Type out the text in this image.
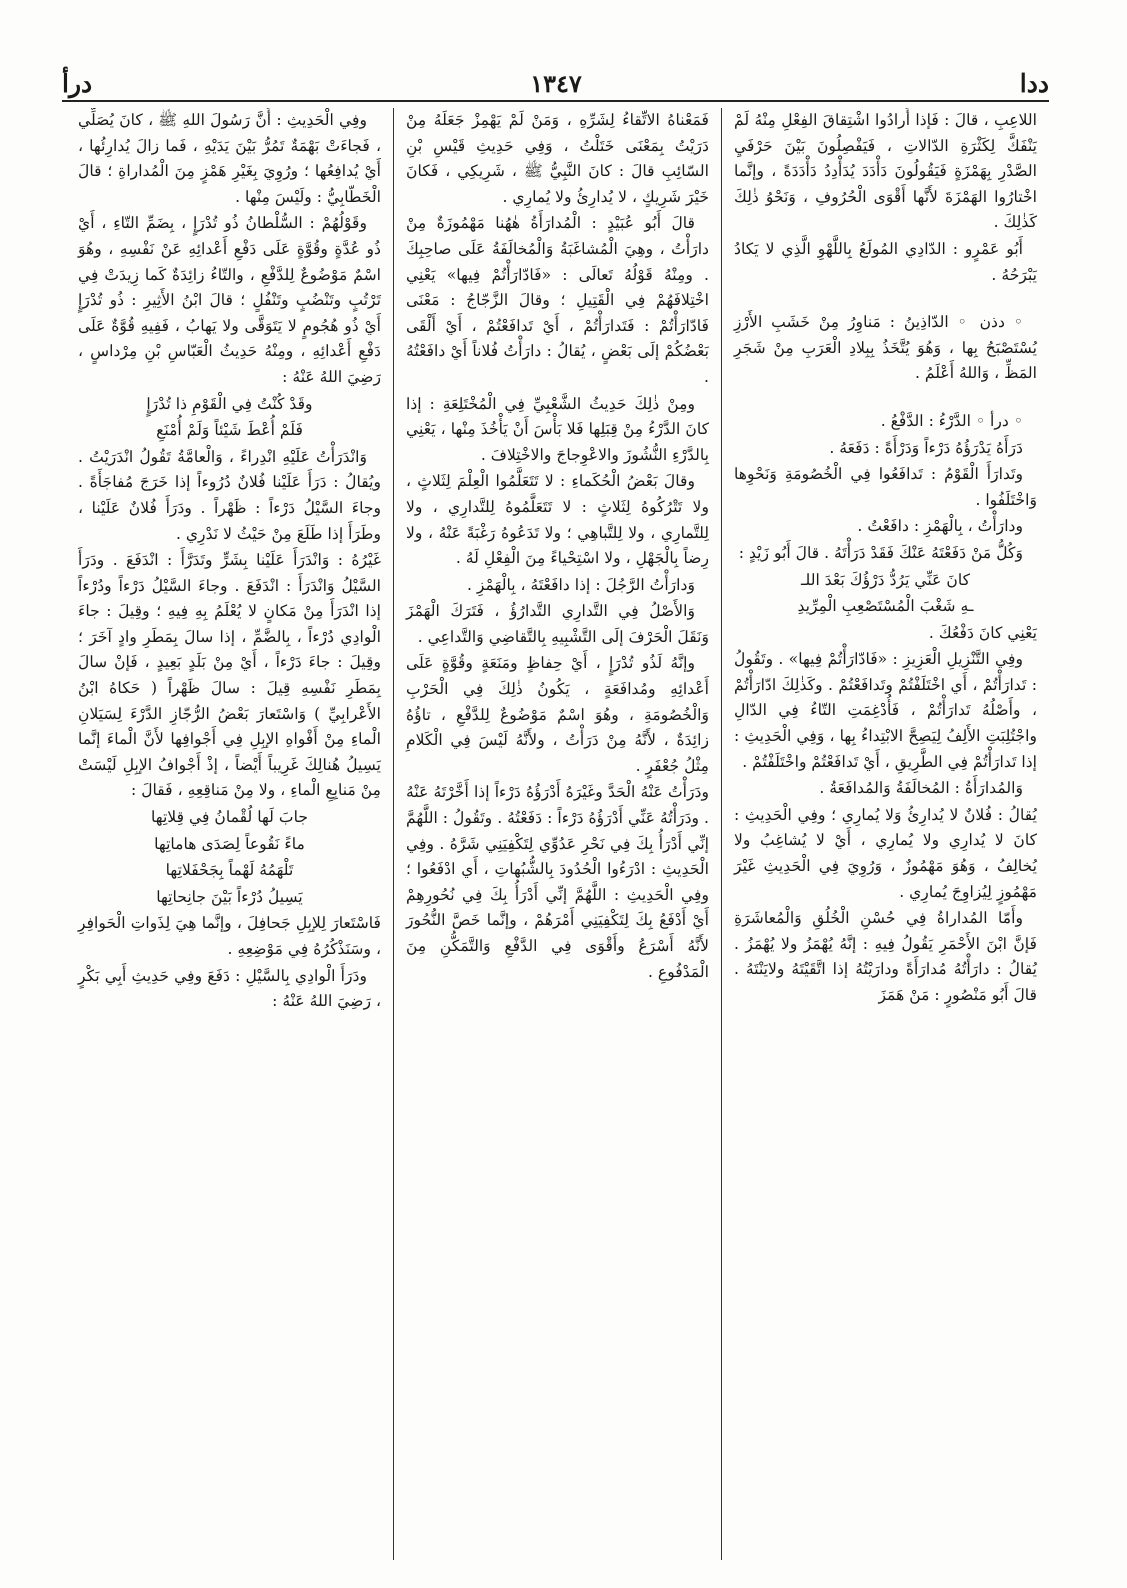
ددا
١٣٤٧
درأ

اللاعِبِ ، قالَ : فَإذا أَرادُوا اشْتِقاقَ الفِعْلِ مِنْهُ لَمْ يَنْفَكَّ لِكَثْرَةِ الدّالاتِ ، فَيَفْصِلُونَ بَيْنَ حَرْفَيِ الصَّدْرِ بِهَمْزَةٍ فَيَقُولُونَ دَأْدَدَ يُدَأْدِدُ دَأْدَدَةً ، وإنَّما اخْتارُوا الهَمْزَةَ لأَنَّها أَقْوَى الْحُرُوفِ ، وَنَحْوُ ذٰلِكَ كَذٰلِكَ .

أَبُو عَمْرٍو : الدّادِي المُولَعُ بِاللَّهْوِ الَّذِي لا يَكادُ يَبْرَحُهُ .

◦ دذن ◦ الدّاذِينُ : مَناوِرُ مِنْ خَشَبِ الأَرْزِ يُسْتَصْبَحُ بِها ، وَهُوَ يُتَّخَذُ بِبِلادِ الْعَرَبِ مِنْ شَجَرِ المَظِّ ، وَاللهُ أَعْلَمُ .

◦ درأ ◦ الدَّرْءُ : الدَّفْعُ .

دَرَأَهُ يَدْرَؤُهُ دَرْءاً وَدَرْأَةً : دَفَعَهُ .

وتَدارَأَ الْقَوْمُ : تَدافَعُوا فِي الْخُصُومَةِ وَنَحْوِها وَاخْتَلَفُوا .

ودارَأْتُ ، بِالْهَمْزِ : دافَعْتُ .

وَكُلُّ مَنْ دَفَعْتَهُ عَنْكَ فَقَدْ دَرَأْتَهُ . قالَ أَبُو زَيْدٍ :

كانَ عَنِّي يَرُدُّ دَرْؤُكَ بَعْدَ اللـ

ـهِ شَغْبَ الْمُسْتَصْعِبِ الْمِرِّيدِ

يَعْنِي كانَ دَفْعُكَ .

وفِي التَّنْزِيلِ الْعَزِيزِ : «فَادّارَأْتُمْ فِيها» . وتَقُولُ : تَدارَأْتُمْ ، أَي اخْتَلَفْتُمْ وتَدافَعْتُمْ . وكَذٰلِكَ ادّارَأْتُمْ ، وأَصْلُهُ تَدارَأْتُمْ ، فَأُدْغِمَتِ التّاءُ فِي الدّالِ واجْتُلِبَتِ الأَلِفُ لِيَصِحَّ الابْتِداءُ بِها ، وَفِي الْحَدِيثِ : إذا تَدارَأْتُمْ فِي الطَّرِيقِ ، أَيْ تَدافَعْتُمْ واخْتَلَفْتُمْ .

وَالمُدارَأَةُ : المُخالَفَةُ وَالمُدافَعَةُ .

يُقالُ : فُلانٌ لا يُدارِئُ وَلا يُمارِي ؛ وفِي الْحَدِيثِ : كانَ لا يُدارِي ولا يُمارِي ، أَيْ لا يُشاغِبُ ولا يُخالِفُ ، وَهُوَ مَهْمُوزٌ ، وَرُوِيَ فِي الْحَدِيثِ غَيْرَ مَهْمُوزٍ لِيُزاوِجَ يُمارِي .

وأَمّا المُداراةُ فِي حُسْنِ الْخُلُقِ وَالْمُعاشَرَةِ فَإنَّ ابْنَ الأَحْمَرِ يَقُولُ فِيهِ : إنَّهُ يُهْمَزُ ولا يُهْمَزُ . يُقالُ : دارَأْتُهُ مُدارَأَةً ودارَيْتُهُ إذا اتَّقَيْتَهُ ولايَنْتَهُ . قالَ أَبُو مَنْصُورٍ : مَنْ هَمَزَ

فَمَعْناهُ الاتِّقاءُ لِشَرِّهِ ، وَمَنْ لَمْ يَهْمِزْ جَعَلَهُ مِنْ دَرَيْتُ بِمَعْنَى خَتَلْتُ ، وَفِي حَدِيثِ قَيْسِ بْنِ السّائِبِ قالَ : كانَ النَّبِيُّ ﷺ ، شَرِيكِي ، فَكانَ خَيْرَ شَرِيكٍ ، لا يُدارِئُ ولا يُمارِي .

قالَ أَبُو عُبَيْدٍ : الْمُدارَأَةُ هٰهُنا مَهْمُوزَةٌ مِنْ دارَأْتُ ، وهِيَ الْمُشاغَبَةُ وَالْمُخالَفَةُ عَلَى صاحِبِكَ . ومِنْهُ قَوْلُهُ تَعالَى : «فَادّارَأْتُمْ فِيها» يَعْنِي اخْتِلافَهُمْ فِي الْقَتِيلِ ؛ وقالَ الزَّجّاجُ : مَعْنَى فَادّارَأْتُمْ : فَتَدارَأْتُمْ ، أَيْ تَدافَعْتُمْ ، أَيْ أَلْقَى بَعْضُكُمْ إلَى بَعْضٍ ، يُقالُ : دارَأْتُ فُلاناً أَيْ دافَعْتُهُ .

ومِنْ ذٰلِكَ حَدِيثُ الشَّعْبِيِّ فِي الْمُخْتَلِعَةِ : إذا كانَ الدَّرْءُ مِنْ قِبَلِها فَلا بَأْسَ أَنْ يَأْخُذَ مِنْها ، يَعْنِي بِالدَّرْءِ النُّشُوزَ والاعْوِجاجَ والاخْتِلافَ .

وقالَ بَعْضُ الْحُكَماءِ : لا تَتَعَلَّمُوا الْعِلْمَ لِثَلاثٍ ، ولا تَتْرُكُوهُ لِثَلاثٍ : لا تَتَعَلَّمُوهُ لِلتَّدارِي ، ولا لِلتَّمارِي ، ولا لِلتَّباهِي ؛ ولا تَدَعُوهُ رَغْبَةً عَنْهُ ، ولا رِضاً بِالْجَهْلِ ، ولا اسْتِحْياءً مِنَ الْفِعْلِ لَهُ .

وَدارَأْتُ الرَّجُلَ : إذا دافَعْتَهُ ، بِالْهَمْزِ .

وَالأَصْلُ فِي التَّدارِي التَّدارُؤُ ، فَتَرَكَ الْهَمْزَ وَنَقَلَ الْحَرْفَ إلَى التَّشْبِيهِ بِالتَّقاضِي وَالتَّداعِي .

وإنَّهُ لَذُو تُدْرَإٍ ، أَيْ حِفاظٍ ومَنَعَةٍ وقُوَّةٍ عَلَى أَعْدائِهِ ومُدافَعَةٍ ، يَكُونُ ذٰلِكَ فِي الْحَرْبِ وَالْخُصُومَةِ ، وهُوَ اسْمٌ مَوْضُوعٌ لِلدَّفْعِ ، تاؤُهُ زائِدَةٌ ، لأَنَّهُ مِنْ دَرَأْتُ ، ولأَنَّهُ لَيْسَ فِي الْكَلامِ مِثْلُ جُعْفَرٍ .

ودَرَأْتُ عَنْهُ الْحَدَّ وغَيْرَهُ أَدْرَؤُهُ دَرْءاً إذا أَخَّرْتَهُ عَنْهُ . ودَرَأْتُهُ عَنِّي أَدْرَؤُهُ دَرْءاً : دَفَعْتُهُ . وتَقُولُ : اللَّهُمَّ إنِّي أَدْرَأُ بِكَ فِي نَحْرِ عَدُوِّي لِتَكْفِيَنِي شَرَّهُ . وفِي الْحَدِيثِ : ادْرَءُوا الْحُدُودَ بِالشُّبُهاتِ ، أَي ادْفَعُوا ؛ وفِي الْحَدِيثِ : اللَّهُمَّ إنِّي أَدْرَأُ بِكَ فِي نُحُورِهِمْ أَيْ أَدْفَعُ بِكَ لِتَكْفِيَنِي أَمْرَهُمْ ، وإنَّما خَصَّ النُّحُورَ لأَنَّهُ أَسْرَعُ وأَقْوَى فِي الدَّفْعِ وَالتَّمَكُّنِ مِنَ الْمَدْفُوعِ .

وفِي الْحَدِيثِ : أَنَّ رَسُولَ اللهِ ﷺ ، كانَ يُصَلِّي ، فَجاءَتْ بَهْمَةٌ تَمُرُّ بَيْنَ يَدَيْهِ ، فَما زالَ يُدارِئُها ، أَيْ يُدافِعُها ؛ ورُوِيَ بِغَيْرِ هَمْزٍ مِنَ الْمُداراةِ ؛ قالَ الْخَطّابِيُّ : ولَيْسَ مِنْها .

وقَوْلُهُمْ : السُّلْطانُ ذُو تُدْرَإٍ ، بِضَمِّ التّاءِ ، أَيْ ذُو عُدَّةٍ وقُوَّةٍ عَلَى دَفْعِ أَعْدائِهِ عَنْ نَفْسِهِ ، وهُوَ اسْمٌ مَوْضُوعٌ لِلدَّفْعِ ، والتّاءُ زائِدَةٌ كَما زِيدَتْ فِي تَرْتُبٍ وتَنْضُبٍ وتَنْفُلٍ ؛ قالَ ابْنُ الأَثِيرِ : ذُو تُدْرَإٍ أَيْ ذُو هُجُومٍ لا يَتَوَقَّى ولا يَهابُ ، فَفِيهِ قُوَّةٌ عَلَى دَفْعِ أَعْدائِهِ ، ومِنْهُ حَدِيثُ الْعَبّاسِ بْنِ مِرْداسٍ ، رَضِيَ اللهُ عَنْهُ :

وقَدْ كُنْتُ فِي الْقَوْمِ ذا تُدْرَإٍ

فَلَمْ أُعْطَ شَيْئاً وَلَمْ أُمْنَعِ

وَانْدَرَأْتُ عَلَيْهِ انْدِراءً ، وَالْعامَّةُ تَقُولُ انْدَرَيْتُ . ويُقالُ : دَرَأَ عَلَيْنا فُلانٌ دُرُوءاً إذا خَرَجَ مُفاجَأَةً . وجاءَ السَّيْلُ دَرْءاً : ظَهْراً . ودَرَأَ فُلانٌ عَلَيْنا ، وطَرَأَ إذا طَلَعَ مِنْ حَيْثُ لا نَدْرِي .

غَيْرُهُ : وَانْدَرَأَ عَلَيْنا بِشَرٍّ وتَدَرَّأَ : انْدَفَعَ . ودَرَأَ السَّيْلُ وَانْدَرَأَ : انْدَفَعَ . وجاءَ السَّيْلُ دَرْءاً ودُرْءاً إذا انْدَرَأَ مِنْ مَكانٍ لا يُعْلَمُ بِهِ فِيهِ ؛ وقِيلَ : جاءَ الْوادِي دُرْءاً ، بِالضَّمِّ ، إذا سالَ بِمَطَرِ وادٍ آخَرَ ؛ وقِيلَ : جاءَ دَرْءاً ، أَيْ مِنْ بَلَدٍ بَعِيدٍ ، فَإنْ سالَ بِمَطَرِ نَفْسِهِ قِيلَ : سالَ ظَهْراً ( حَكاهُ ابْنُ الأَعْرابِيِّ ) وَاسْتَعارَ بَعْضُ الرُّجّازِ الدَّرْءَ لِسَيَلانِ الْماءِ مِنْ أَفْواهِ الإبِلِ فِي أَجْوافِها لأَنَّ الْماءَ إنَّما يَسِيلُ هُنالِكَ غَرِيباً أَيْضاً ، إذْ أَجْوافُ الإبِلِ لَيْسَتْ مِنْ مَنابِعِ الْماءِ ، ولا مِنْ مَناقِعِهِ ، فَقالَ :

جابَ لَها لُقْمانُ فِي قِلاتِها

ماءً نَقُوعاً لِصَدَى هاماتِها

تَلْهَمُهُ لَهْماً بِجَحْفَلاتِها

يَسِيلُ دُرْءاً بَيْنَ جانِحاتِها

فَاسْتَعارَ لِلإبِلِ جَحافِلَ ، وإنَّما هِيَ لِذَواتِ الْحَوافِرِ ، وسَنَذْكُرُهُ فِي مَوْضِعِهِ .

ودَرَأَ الْوادِي بِالسَّيْلِ : دَفَعَ وفِي حَدِيثِ أَبِي بَكْرٍ ، رَضِيَ اللهُ عَنْهُ :
